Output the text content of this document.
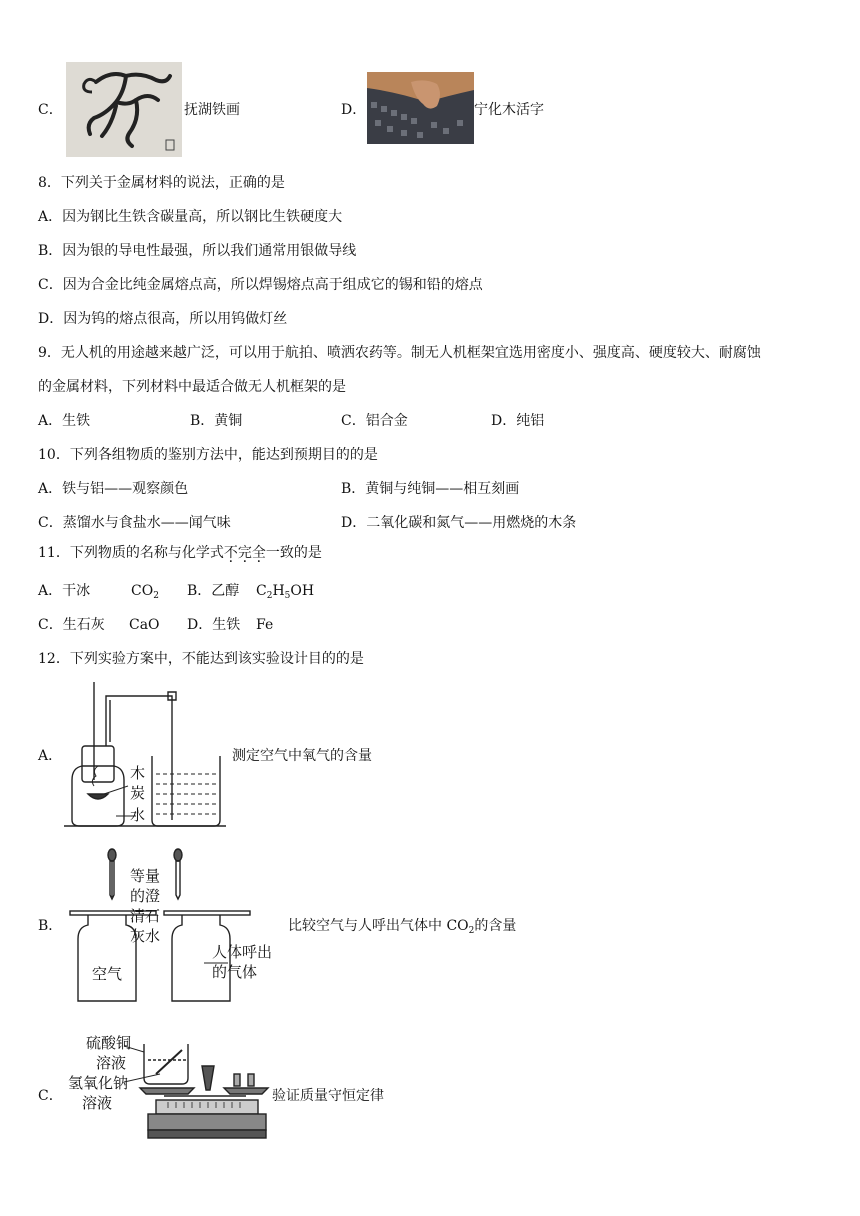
C．	抚湖铁画	D．	宁化木活字
8．下列关于金属材料的说法，正确的是
A．因为钢比生铁含碳量高，所以钢比生铁硬度大
B．因为银的导电性最强，所以我们通常用银做导线
C．因为合金比纯金属熔点高，所以焊锡熔点高于组成它的锡和铅的熔点
D．因为钨的熔点很高，所以用钨做灯丝
9．无人机的用途越来越广泛，可以用于航拍、喷洒农药等。制无人机框架宜选用密度小、强度高、硬度较大、耐腐蚀
的金属材料，下列材料中最适合做无人机框架的是
A．生铁	B．黄铜	C．铝合金	D．纯铝
10．下列各组物质的鉴别方法中，能达到预期目的的是
A．铁与铝——观察颜色	B．黄铜与纯铜——相互刻画
C．蒸馏水与食盐水——闻气味	D．二氧化碳和氮气——用燃烧的木条
11．下列物质的名称与化学式不完全一致的是
A．干冰	$CO_2$ B．乙醇 $C_2H_5OH$
C．生石灰 CaO D．生铁 Fe
12．下列实验方案中，不能达到该实验设计目的的是
A．
木
炭
水
测定空气中氧气的含量
B．
等量
的澄
清石
灰水
空气
人体呼出
的气体
比较空气与人呼出气体中 $CO_2$的含量
C．
硫酸铜
溶液
氢氧化钠
溶液	验证质量守恒定律
